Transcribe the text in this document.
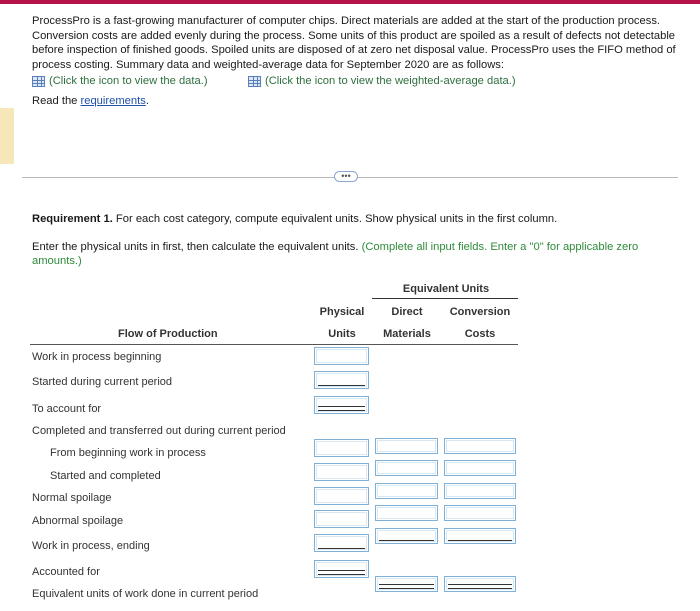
ProcessPro is a fast-growing manufacturer of computer chips. Direct materials are added at the start of the production process. Conversion costs are added evenly during the process. Some units of this product are spoiled as a result of defects not detectable before inspection of finished goods. Spoiled units are disposed of at zero net disposal value. ProcessPro uses the FIFO method of process costing. Summary data and weighted-average data for September 2020 are as follows:
(Click the icon to view the data.)	(Click the icon to view the weighted-average data.)
Read the requirements.
•••
Requirement 1. For each cost category, compute equivalent units. Show physical units in the first column.
Enter the physical units in first, then calculate the equivalent units. (Complete all input fields. Enter a "0" for applicable zero amounts.)
Equivalent Units
Physical
Units
Direct
Materials
Conversion
Costs
Flow of Production
Work in process beginning
Started during current period
To account for
Completed and transferred out during current period
From beginning work in process
Started and completed
Normal spoilage
Abnormal spoilage
Work in process, ending
Accounted for
Equivalent units of work done in current period
